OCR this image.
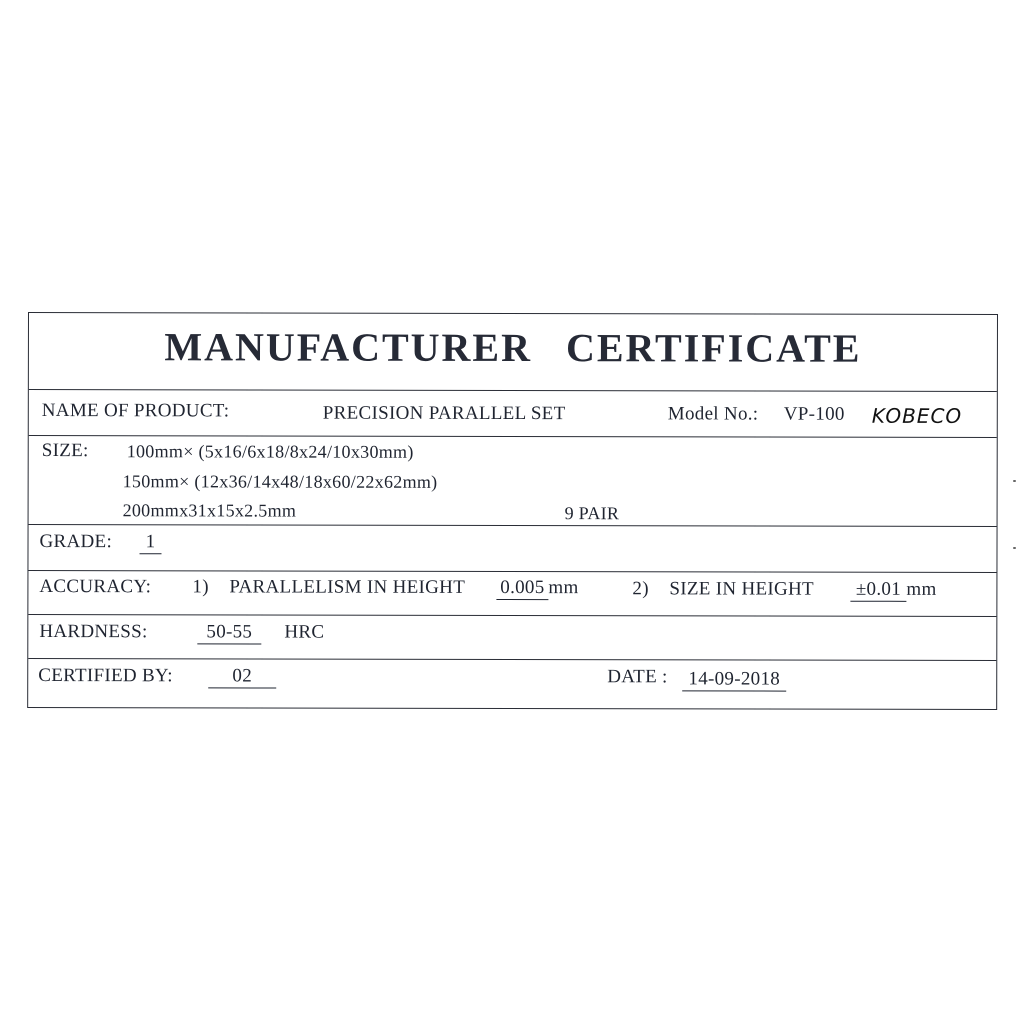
MANUFACTURER CERTIFICATE
NAME OF PRODUCT:	PRECISION PARALLEL SET	Model No.: VP-100 KOBECO
SIZE: 100mm× (5x16/6x18/8x24/10x30mm)
150mm× (12x36/14x48/18x60/22x62mm)
200mmx31x15x2.5mm	9 PAIR
GRADE:	1
ACCURACY: 1) PARALLELISM IN HEIGHT 0.005 mm	2) SIZE IN HEIGHT ±0.01 mm
HARDNESS:	50-55	HRC
CERTIFIED BY:	02	DATE :	14-09-2018
